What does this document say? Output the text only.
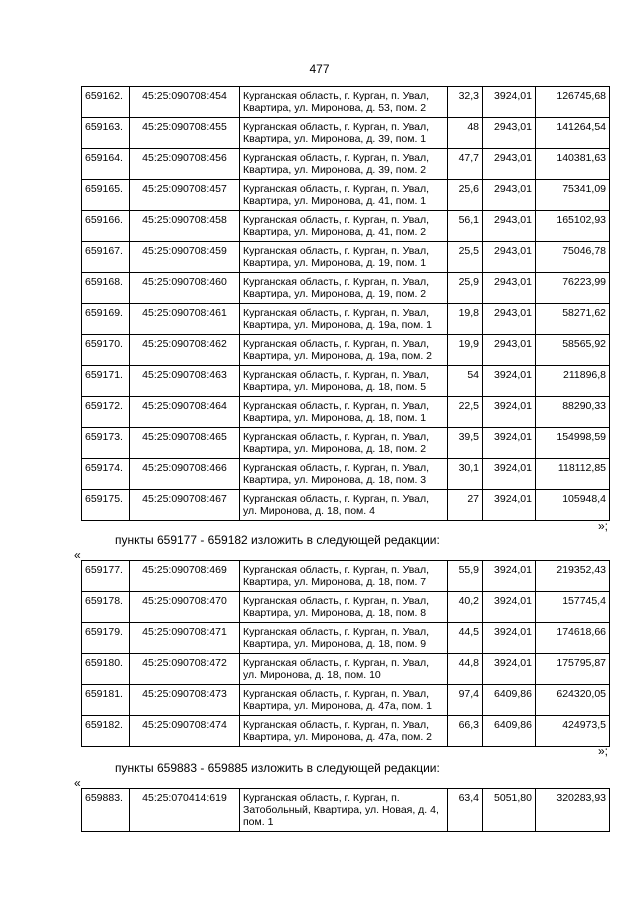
477
659162.	45:25:090708:454	Курганская область, г. Курган, п. Увал, Квартира, ул. Миронова, д. 53, пом. 2	32,3	3924,01	126745,68
659163.	45:25:090708:455	Курганская область, г. Курган, п. Увал, Квартира, ул. Миронова, д. 39, пом. 1	48	2943,01	141264,54
659164.	45:25:090708:456	Курганская область, г. Курган, п. Увал, Квартира, ул. Миронова, д. 39, пом. 2	47,7	2943,01	140381,63
659165.	45:25:090708:457	Курганская область, г. Курган, п. Увал, Квартира, ул. Миронова, д. 41, пом. 1	25,6	2943,01	75341,09
659166.	45:25:090708:458	Курганская область, г. Курган, п. Увал, Квартира, ул. Миронова, д. 41, пом. 2	56,1	2943,01	165102,93
659167.	45:25:090708:459	Курганская область, г. Курган, п. Увал, Квартира, ул. Миронова, д. 19, пом. 1	25,5	2943,01	75046,78
659168.	45:25:090708:460	Курганская область, г. Курган, п. Увал, Квартира, ул. Миронова, д. 19, пом. 2	25,9	2943,01	76223,99
659169.	45:25:090708:461	Курганская область, г. Курган, п. Увал, Квартира, ул. Миронова, д. 19а, пом. 1	19,8	2943,01	58271,62
659170.	45:25:090708:462	Курганская область, г. Курган, п. Увал, Квартира, ул. Миронова, д. 19а, пом. 2	19,9	2943,01	58565,92
659171.	45:25:090708:463	Курганская область, г. Курган, п. Увал, Квартира, ул. Миронова, д. 18, пом. 5	54	3924,01	211896,8
659172.	45:25:090708:464	Курганская область, г. Курган, п. Увал, Квартира, ул. Миронова, д. 18, пом. 1	22,5	3924,01	88290,33
659173.	45:25:090708:465	Курганская область, г. Курган, п. Увал, Квартира, ул. Миронова, д. 18, пом. 2	39,5	3924,01	154998,59
659174.	45:25:090708:466	Курганская область, г. Курган, п. Увал, Квартира, ул. Миронова, д. 18, пом. 3	30,1	3924,01	118112,85
659175.	45:25:090708:467	Курганская область, г. Курган, п. Увал, ул. Миронова, д. 18, пом. 4	27	3924,01	105948,4
»;
пункты 659177 - 659182 изложить в следующей редакции:
«
659177.	45:25:090708:469	Курганская область, г. Курган, п. Увал, Квартира, ул. Миронова, д. 18, пом. 7	55,9	3924,01	219352,43
659178.	45:25:090708:470	Курганская область, г. Курган, п. Увал, Квартира, ул. Миронова, д. 18, пом. 8	40,2	3924,01	157745,4
659179.	45:25:090708:471	Курганская область, г. Курган, п. Увал, Квартира, ул. Миронова, д. 18, пом. 9	44,5	3924,01	174618,66
659180.	45:25:090708:472	Курганская область, г. Курган, п. Увал, ул. Миронова, д. 18, пом. 10	44,8	3924,01	175795,87
659181.	45:25:090708:473	Курганская область, г. Курган, п. Увал, Квартира, ул. Миронова, д. 47а, пом. 1	97,4	6409,86	624320,05
659182.	45:25:090708:474	Курганская область, г. Курган, п. Увал, Квартира, ул. Миронова, д. 47а, пом. 2	66,3	6409,86	424973,5
»;
пункты 659883 - 659885 изложить в следующей редакции:
«
659883.	45:25:070414:619	Курганская область, г. Курган, п. Затобольный, Квартира, ул. Новая, д. 4, пом. 1	63,4	5051,80	320283,93
